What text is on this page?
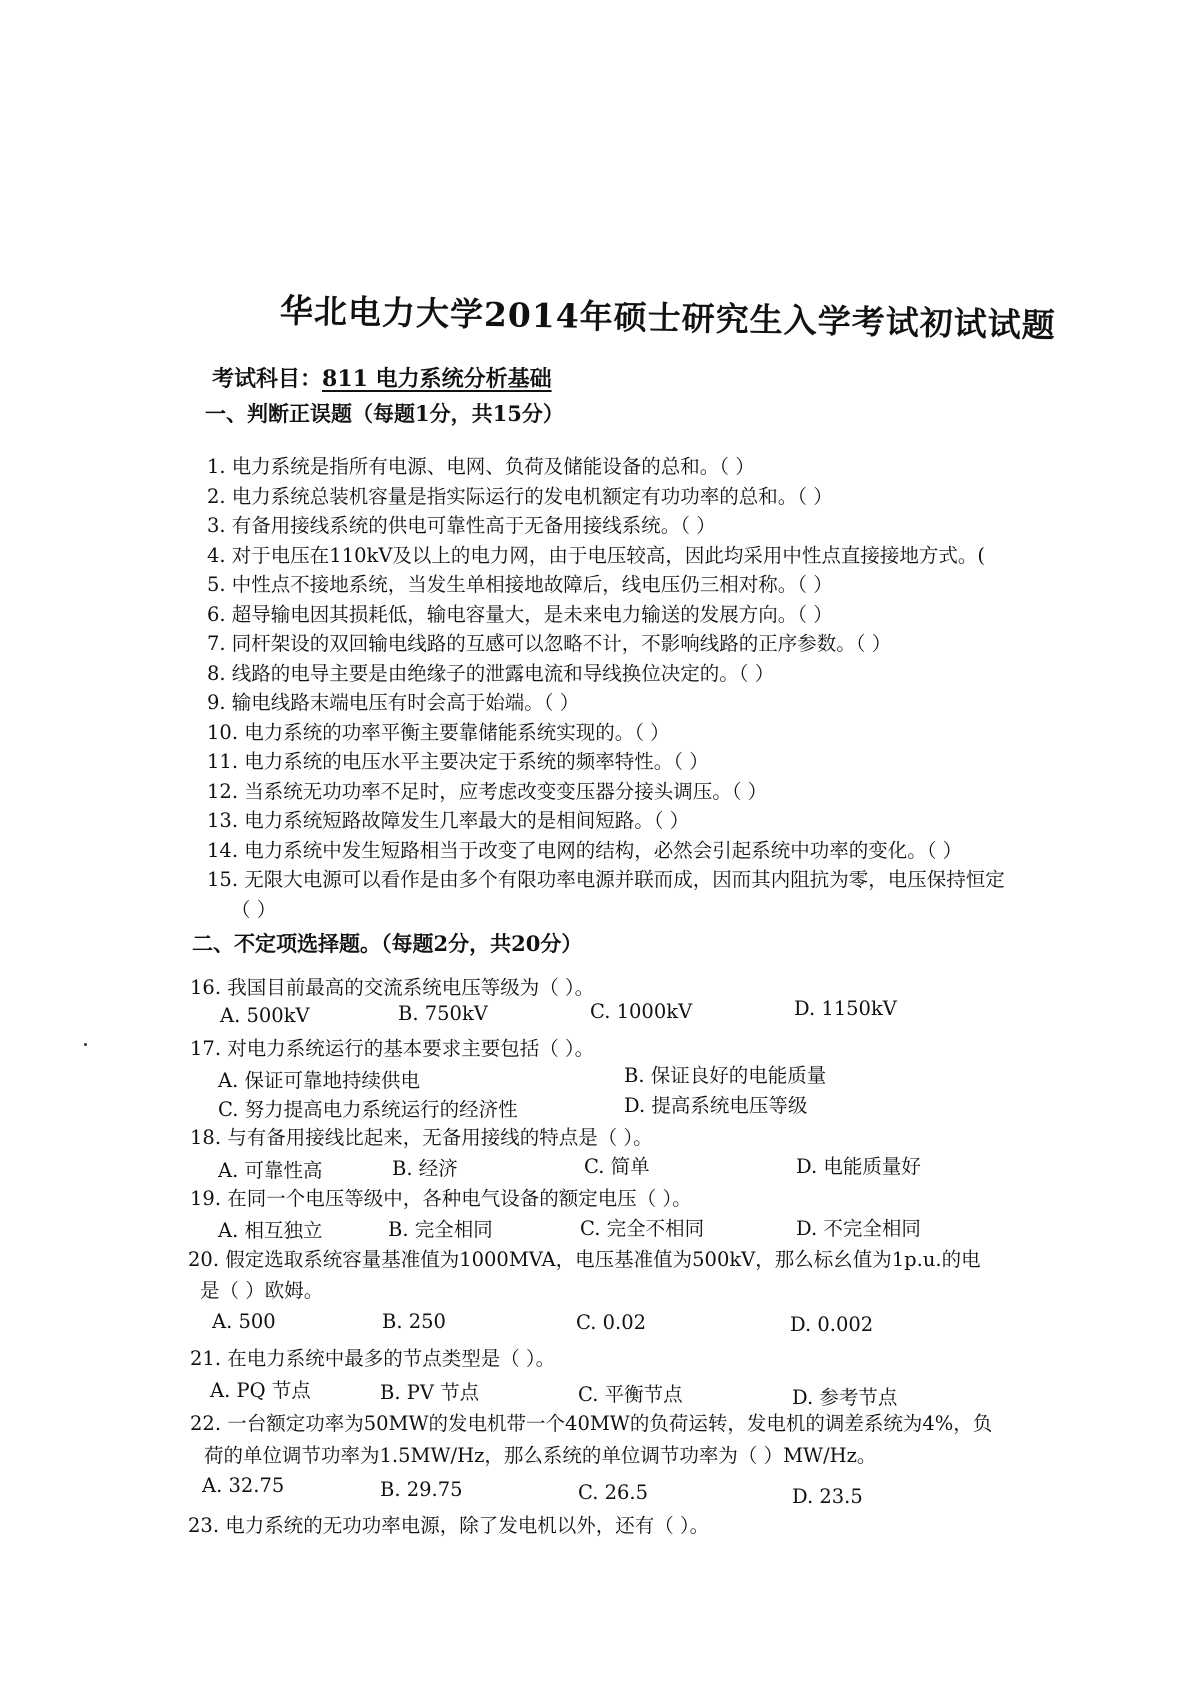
华北电力大学2014年硕士研究生入学考试初试试题
考试科目：811 电力系统分析基础
一、判断正误题（每题1分，共15分）
1. 电力系统是指所有电源、电网、负荷及储能设备的总和。（ ）
2. 电力系统总装机容量是指实际运行的发电机额定有功功率的总和。（ ）
3. 有备用接线系统的供电可靠性高于无备用接线系统。（ ）
4. 对于电压在110kV及以上的电力网，由于电压较高，因此均采用中性点直接接地方式。(
5. 中性点不接地系统，当发生单相接地故障后，线电压仍三相对称。（ ）
6. 超导输电因其损耗低，输电容量大，是未来电力输送的发展方向。（ ）
7. 同杆架设的双回输电线路的互感可以忽略不计，不影响线路的正序参数。（ ）
8. 线路的电导主要是由绝缘子的泄露电流和导线换位决定的。（ ）
9. 输电线路末端电压有时会高于始端。（ ）
10. 电力系统的功率平衡主要靠储能系统实现的。（ ）
11. 电力系统的电压水平主要决定于系统的频率特性。（ ）
12. 当系统无功功率不足时，应考虑改变变压器分接头调压。（ ）
13. 电力系统短路故障发生几率最大的是相间短路。（ ）
14. 电力系统中发生短路相当于改变了电网的结构，必然会引起系统中功率的变化。（ ）
15. 无限大电源可以看作是由多个有限功率电源并联而成，因而其内阻抗为零，电压保持恒定
（ ）
二、不定项选择题。（每题2分，共20分）
16. 我国目前最高的交流系统电压等级为（ ）。
A. 500kV	B. 750kV	C. 1000kV	D. 1150kV
17. 对电力系统运行的基本要求主要包括（ ）。
A. 保证可靠地持续供电	B. 保证良好的电能质量
C. 努力提高电力系统运行的经济性	D. 提高系统电压等级
18. 与有备用接线比起来，无备用接线的特点是（ ）。
A. 可靠性高	B. 经济	C. 简单	D. 电能质量好
19. 在同一个电压等级中，各种电气设备的额定电压（ ）。
A. 相互独立	B. 完全相同	C. 完全不相同	D. 不完全相同
20. 假定选取系统容量基准值为1000MVA，电压基准值为500kV，那么标幺值为1p.u.的电
是（ ）欧姆。
A. 500	B. 250	C. 0.02	D. 0.002
21. 在电力系统中最多的节点类型是（ ）。
A. PQ 节点	B. PV 节点	C. 平衡节点	D. 参考节点
22. 一台额定功率为50MW的发电机带一个40MW的负荷运转，发电机的调差系统为4%，负
荷的单位调节功率为1.5MW/Hz，那么系统的单位调节功率为（ ）MW/Hz。
A. 32.75	B. 29.75	C. 26.5	D. 23.5
23. 电力系统的无功功率电源，除了发电机以外，还有（ ）。
